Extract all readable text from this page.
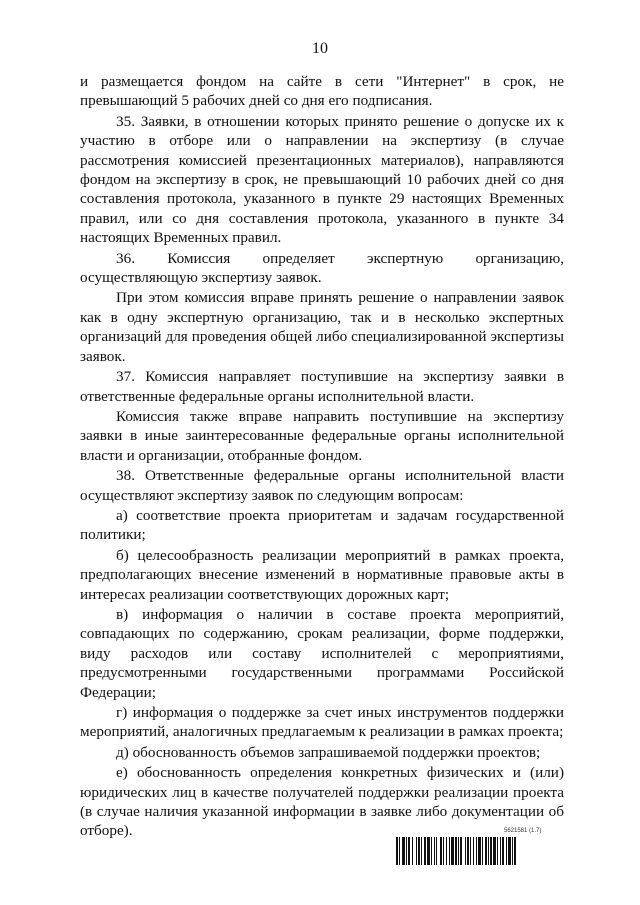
10

и размещается фондом на сайте в сети "Интернет" в срок, не превышающий 5 рабочих дней со дня его подписания.

35. Заявки, в отношении которых принято решение о допуске их к участию в отборе или о направлении на экспертизу (в случае рассмотрения комиссией презентационных материалов), направляются фондом на экспертизу в срок, не превышающий 10 рабочих дней со дня составления протокола, указанного в пункте 29 настоящих Временных правил, или со дня составления протокола, указанного в пункте 34 настоящих Временных правил.

36. Комиссия определяет экспертную организацию, осуществляющую экспертизу заявок.

При этом комиссия вправе принять решение о направлении заявок как в одну экспертную организацию, так и в несколько экспертных организаций для проведения общей либо специализированной экспертизы заявок.

37. Комиссия направляет поступившие на экспертизу заявки в ответственные федеральные органы исполнительной власти.

Комиссия также вправе направить поступившие на экспертизу заявки в иные заинтересованные федеральные органы исполнительной власти и организации, отобранные фондом.

38. Ответственные федеральные органы исполнительной власти осуществляют экспертизу заявок по следующим вопросам:

а) соответствие проекта приоритетам и задачам государственной политики;

б) целесообразность реализации мероприятий в рамках проекта, предполагающих внесение изменений в нормативные правовые акты в интересах реализации соответствующих дорожных карт;

в) информация о наличии в составе проекта мероприятий, совпадающих по содержанию, срокам реализации, форме поддержки, виду расходов или составу исполнителей с мероприятиями, предусмотренными государственными программами Российской Федерации;

г) информация о поддержке за счет иных инструментов поддержки мероприятий, аналогичных предлагаемым к реализации в рамках проекта;

д) обоснованность объемов запрашиваемой поддержки проектов;

е) обоснованность определения конкретных физических и (или) юридических лиц в качестве получателей поддержки реализации проекта (в случае наличия указанной информации в заявке либо документации об отборе).	5621581 (1.7)
